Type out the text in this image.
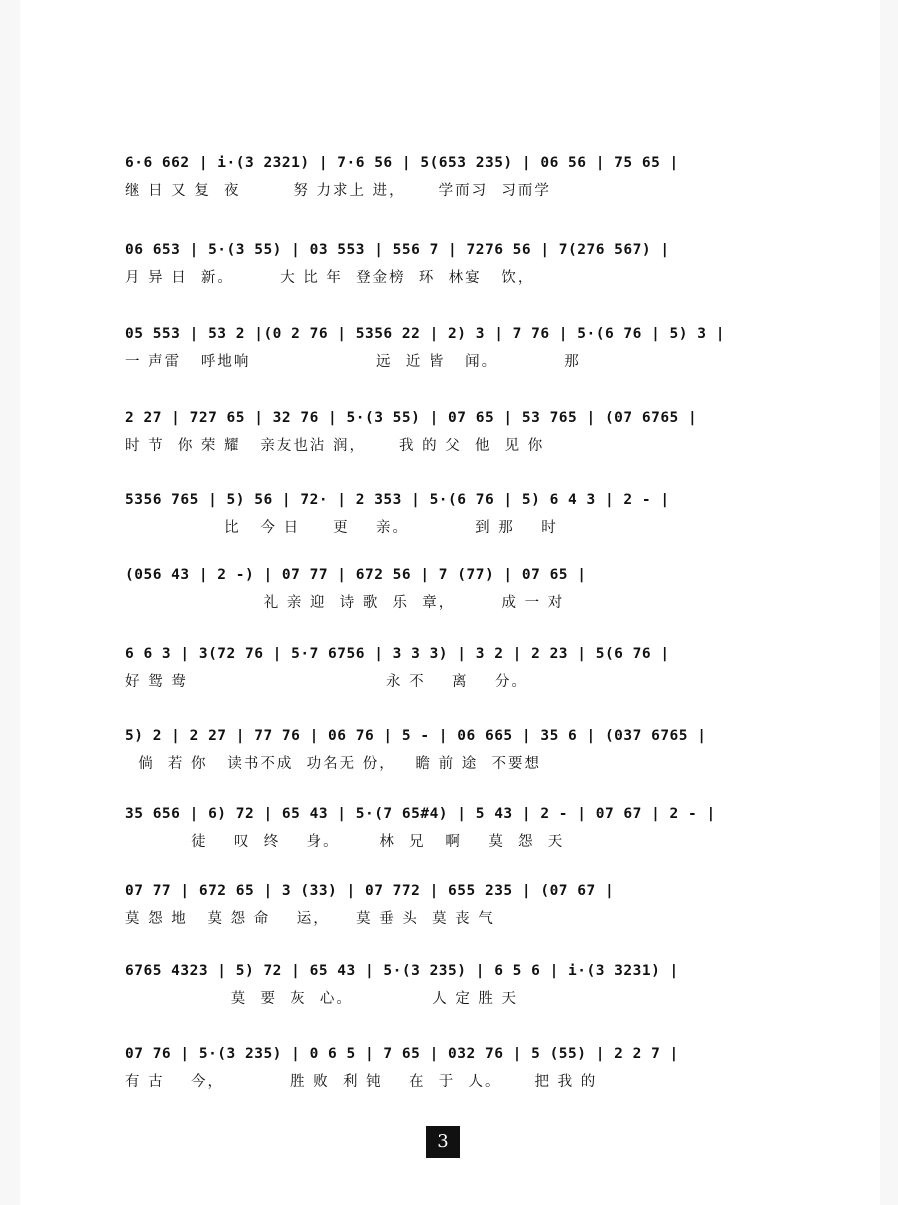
6·6 662 | i·(3 2321) | 7·6 56 | 5(653 235) | 06 56 | 75 65 |
继 日 又 复  夜        努 力求上 进，     学而习  习而学
06 653 | 5·(3 55) | 03 553 | 556 7 | 7276 56 | 7(276 567) |
月 异 日  新。       大 比 年  登金榜  环  林宴   饮，
05 553 | 53 2 |(0 2 76 | 5356 22 | 2) 3 | 7 76 | 5·(6 76 | 5) 3 |
一 声雷   呼地响                   远  近 皆   闻。          那
2 27 | 727 65 | 32 76 | 5·(3 55) | 07 65 | 53 765 | (07 6765 |
时 节  你 荣 耀   亲友也沾 润，     我 的 父  他  见 你
5356 765 | 5) 56 | 72· | 2 353 | 5·(6 76 | 5) 6 4 3 | 2 - |
比   今 日     更    亲。          到 那    时
(056 43 | 2 -) | 07 77 | 672 56 | 7 (77) | 07 65 |
礼 亲 迎  诗 歌  乐  章，       成 一 对
6 6 3 | 3(72 76 | 5·7 6756 | 3 3 3) | 3 2 | 2 23 | 5(6 76 |
好 鸳 鸯                              永 不    离    分。
5) 2 | 2 27 | 77 76 | 06 76 | 5 - | 06 665 | 35 6 | (037 6765 |
倘  若 你   读书不成  功名无 份，   瞻 前 途  不要想
35 656 | 6) 72 | 65 43 | 5·(7 65#4) | 5 43 | 2 - | 07 67 | 2 - |
徒    叹  终    身。      林  兄   啊    莫  怨  天
07 77 | 672 65 | 3 (33) | 07 772 | 655 235 | (07 67 |
莫 怨 地   莫 怨 命    运，    莫 垂 头  莫 丧 气
6765 4323 | 5) 72 | 65 43 | 5·(3 235) | 6 5 6 | i·(3 3231) |
莫  要  灰  心。            人 定 胜 天
07 76 | 5·(3 235) | 0 6 5 | 7 65 | 032 76 | 5 (55) | 2 2 7 |
有 古    今，          胜 败  利 钝    在  于  人。     把 我 的
3
